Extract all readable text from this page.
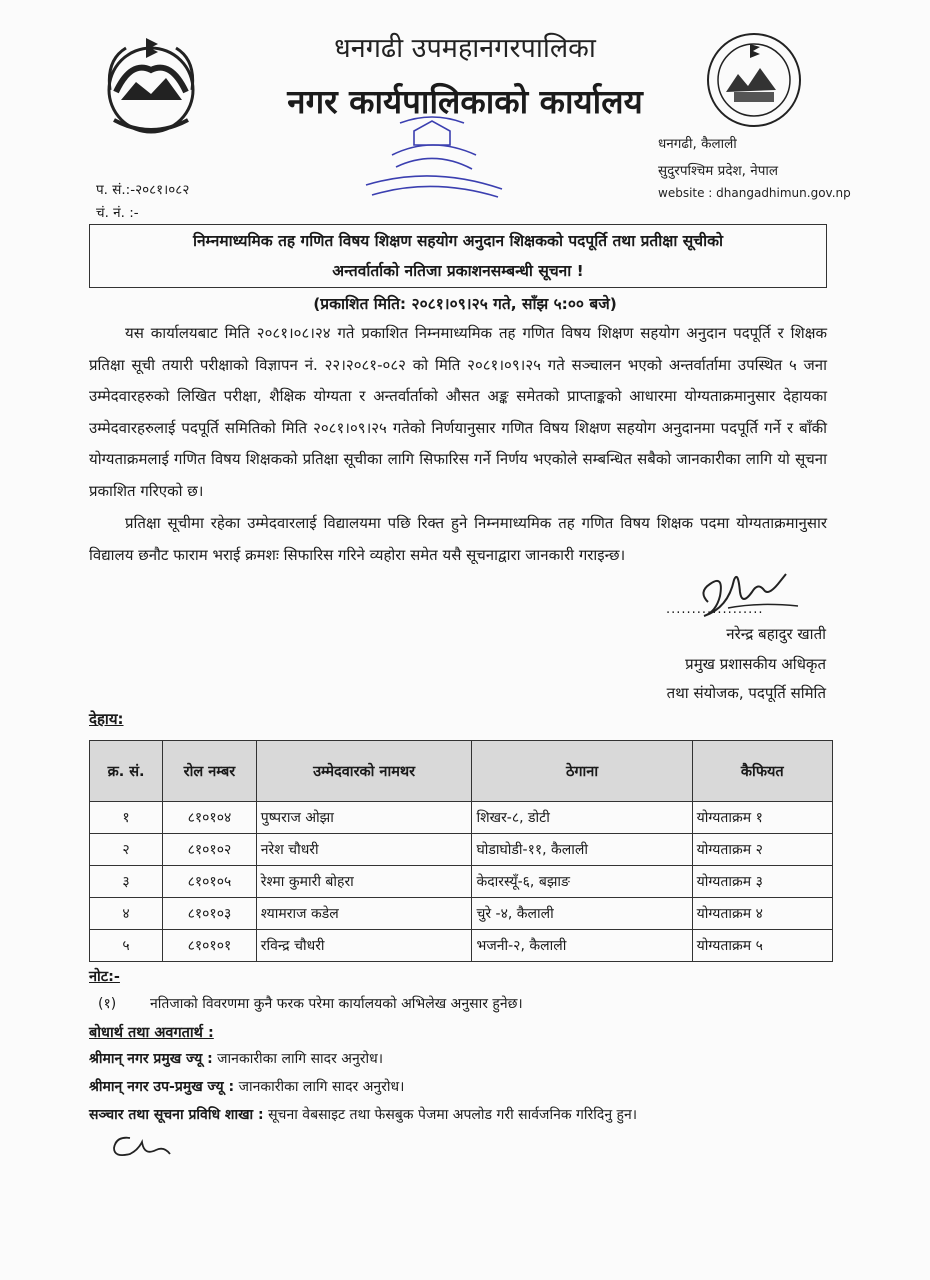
धनगढी उपमहानगरपालिका
नगर कार्यपालिकाको कार्यालय
धनगढी, कैलाली
सुदुरपश्चिम प्रदेश, नेपाल
website : dhangadhimun.gov.np
प. सं.:-२०८१।०८२
चं. नं. :-
निम्नमाध्यमिक तह गणित विषय शिक्षण सहयोग अनुदान शिक्षकको पदपूर्ति तथा प्रतीक्षा सूचीको
अन्तर्वार्ताको नतिजा प्रकाशनसम्बन्धी सूचना !
(प्रकाशित मिति: २०८१।०९।२५ गते, साँझ ५:०० बजे)
यस कार्यालयबाट मिति २०८१।०८।२४ गते प्रकाशित निम्नमाध्यमिक तह गणित विषय शिक्षण सहयोग अनुदान पदपूर्ति र शिक्षक प्रतिक्षा सूची तयारी परीक्षाको विज्ञापन नं. २२।२०८१-०८२ को मिति २०८१।०९।२५ गते सञ्चालन भएको अन्तर्वार्तामा उपस्थित ५ जना उम्मेदवारहरुको लिखित परीक्षा, शैक्षिक योग्यता र अन्तर्वार्ताको औसत अङ्क समेतको प्राप्ताङ्कको आधारमा योग्यताक्रमानुसार देहायका उम्मेदवारहरुलाई पदपूर्ति समितिको मिति २०८१।०९।२५ गतेको निर्णयानुसार गणित विषय शिक्षण सहयोग अनुदानमा पदपूर्ति गर्ने र बाँकी योग्यताक्रमलाई गणित विषय शिक्षकको प्रतिक्षा सूचीका लागि सिफारिस गर्ने निर्णय भएकोले सम्बन्धित सबैको जानकारीका लागि यो सूचना प्रकाशित गरिएको छ।
प्रतिक्षा सूचीमा रहेका उम्मेदवारलाई विद्यालयमा पछि रिक्त हुने निम्नमाध्यमिक तह गणित विषय शिक्षक पदमा योग्यताक्रमानुसार विद्यालय छनौट फाराम भराई क्रमशः सिफारिस गरिने व्यहोरा समेत यसै सूचनाद्वारा जानकारी गराइन्छ।
...................
नरेन्द्र बहादुर खाती
प्रमुख प्रशासकीय अधिकृत
तथा संयोजक, पदपूर्ति समिति
देहाय:
क्र. सं.	रोल नम्बर	उम्मेदवारको नामथर	ठेगाना	कैफियत
१	८१०१०४	पुष्पराज ओझा	शिखर-८, डोटी	योग्यताक्रम १
२	८१०१०२	नरेश चौधरी	घोडाघोडी-११, कैलाली	योग्यताक्रम २
३	८१०१०५	रेश्मा कुमारी बोहरा	केदारस्यूँ-६, बझाङ	योग्यताक्रम ३
४	८१०१०३	श्यामराज कडेल	चुरे -४, कैलाली	योग्यताक्रम ४
५	८१०१०१	रविन्द्र चौधरी	भजनी-२, कैलाली	योग्यताक्रम ५
नोट:-
(१) नतिजाको विवरणमा कुनै फरक परेमा कार्यालयको अभिलेख अनुसार हुनेछ।
बोधार्थ तथा अवगतार्थ :
श्रीमान् नगर प्रमुख ज्यू : जानकारीका लागि सादर अनुरोध।
श्रीमान् नगर उप-प्रमुख ज्यू : जानकारीका लागि सादर अनुरोध।
सञ्चार तथा सूचना प्रविधि शाखा : सूचना वेबसाइट तथा फेसबुक पेजमा अपलोड गरी सार्वजनिक गरिदिनु हुन।
